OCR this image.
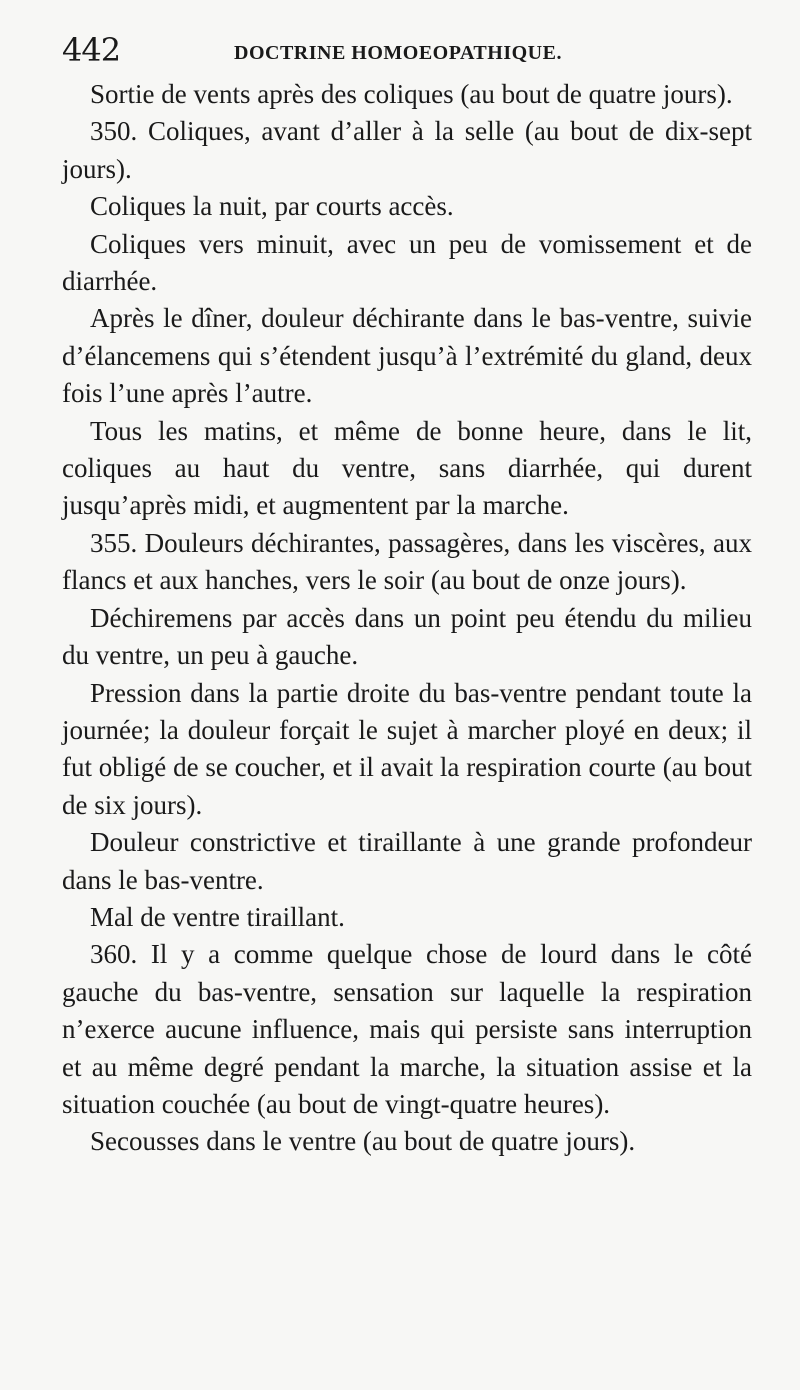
442	DOCTRINE HOMOEOPATHIQUE.

Sortie de vents après des coliques (au bout de quatre jours).

350. Coliques, avant d’aller à la selle (au bout de dix-sept jours).

Coliques la nuit, par courts accès.

Coliques vers minuit, avec un peu de vomissement et de diarrhée.

Après le dîner, douleur déchirante dans le bas-ventre, suivie d’élancemens qui s’étendent jusqu’à l’extrémité du gland, deux fois l’une après l’autre.

Tous les matins, et même de bonne heure, dans le lit, coliques au haut du ventre, sans diarrhée, qui durent jusqu’après midi, et augmentent par la marche.

355. Douleurs déchirantes, passagères, dans les viscères, aux flancs et aux hanches, vers le soir (au bout de onze jours).

Déchiremens par accès dans un point peu étendu du milieu du ventre, un peu à gauche.

Pression dans la partie droite du bas-ventre pendant toute la journée; la douleur forçait le sujet à marcher ployé en deux; il fut obligé de se coucher, et il avait la respiration courte (au bout de six jours).

Douleur constrictive et tiraillante à une grande profondeur dans le bas-ventre.

Mal de ventre tiraillant.

360. Il y a comme quelque chose de lourd dans le côté gauche du bas-ventre, sensation sur laquelle la respiration n’exerce aucune influence, mais qui persiste sans interruption et au même degré pendant la marche, la situation assise et la situation couchée (au bout de vingt-quatre heures).

Secousses dans le ventre (au bout de quatre jours).
